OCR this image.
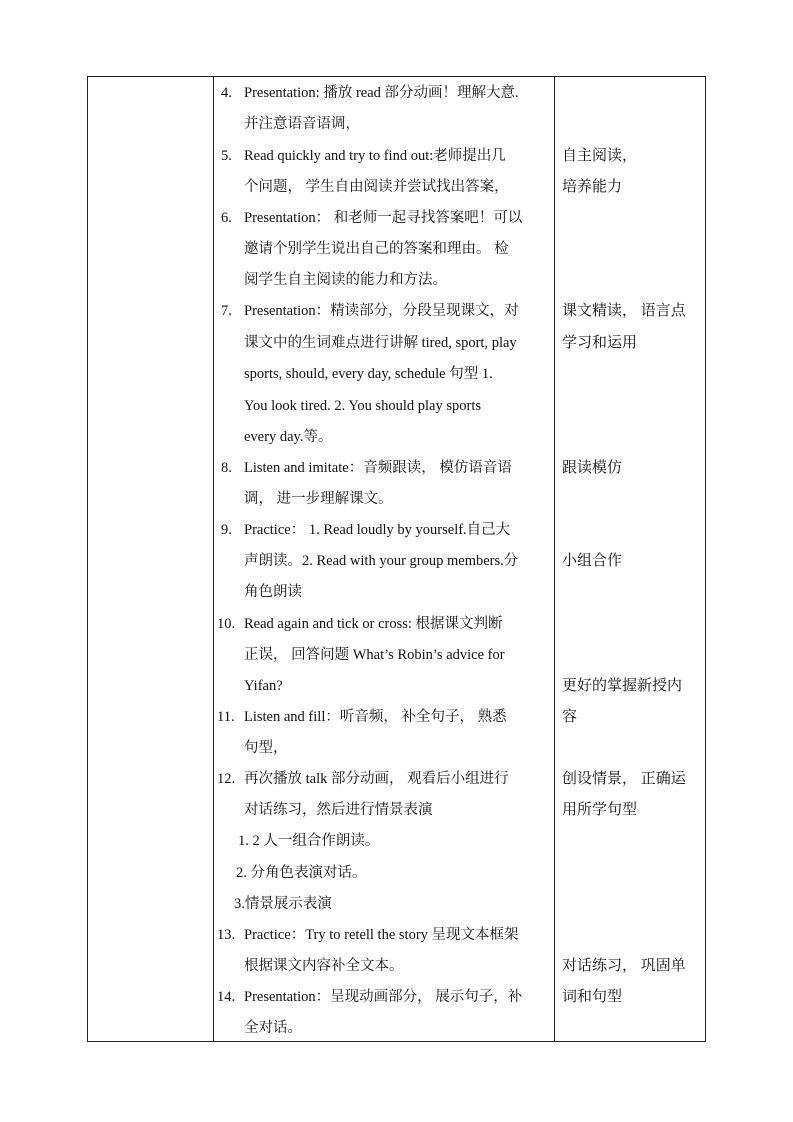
4. Presentation: 播放 read 部分动画！理解大意.
并注意语音语调，
5. Read quickly and try to find out:老师提出几
个问题， 学生自由阅读并尝试找出答案，
6. Presentation： 和老师一起寻找答案吧！可以
邀请个别学生说出自己的答案和理由。 检
阅学生自主阅读的能力和方法。
7. Presentation：精读部分，分段呈现课文，对
课文中的生词难点进行讲解 tired, sport, play
sports, should, every day, schedule 句型 1.
You look tired. 2. You should play sports
every day.等。
8. Listen and imitate：音频跟读， 模仿语音语
调， 进一步理解课文。
9. Practice： 1. Read loudly by yourself.自己大
声朗读。2. Read with your group members.分
角色朗读
10. Read again and tick or cross: 根据课文判断
正误， 回答问题 What’s Robin’s advice for
Yifan?
11. Listen and fill：听音频， 补全句子， 熟悉
句型，
12. 再次播放 talk 部分动画， 观看后小组进行
对话练习，然后进行情景表演
1. 2 人一组合作朗读。
2. 分角色表演对话。
3.情景展示表演
13. Practice：Try to retell the story 呈现文本框架
根据课文内容补全文本。
14. Presentation：呈现动画部分， 展示句子，补
全对话。
自主阅读，
培养能力
课文精读， 语言点
学习和运用
跟读模仿
小组合作
更好的掌握新授内
容
创设情景， 正确运
用所学句型
对话练习， 巩固单
词和句型
